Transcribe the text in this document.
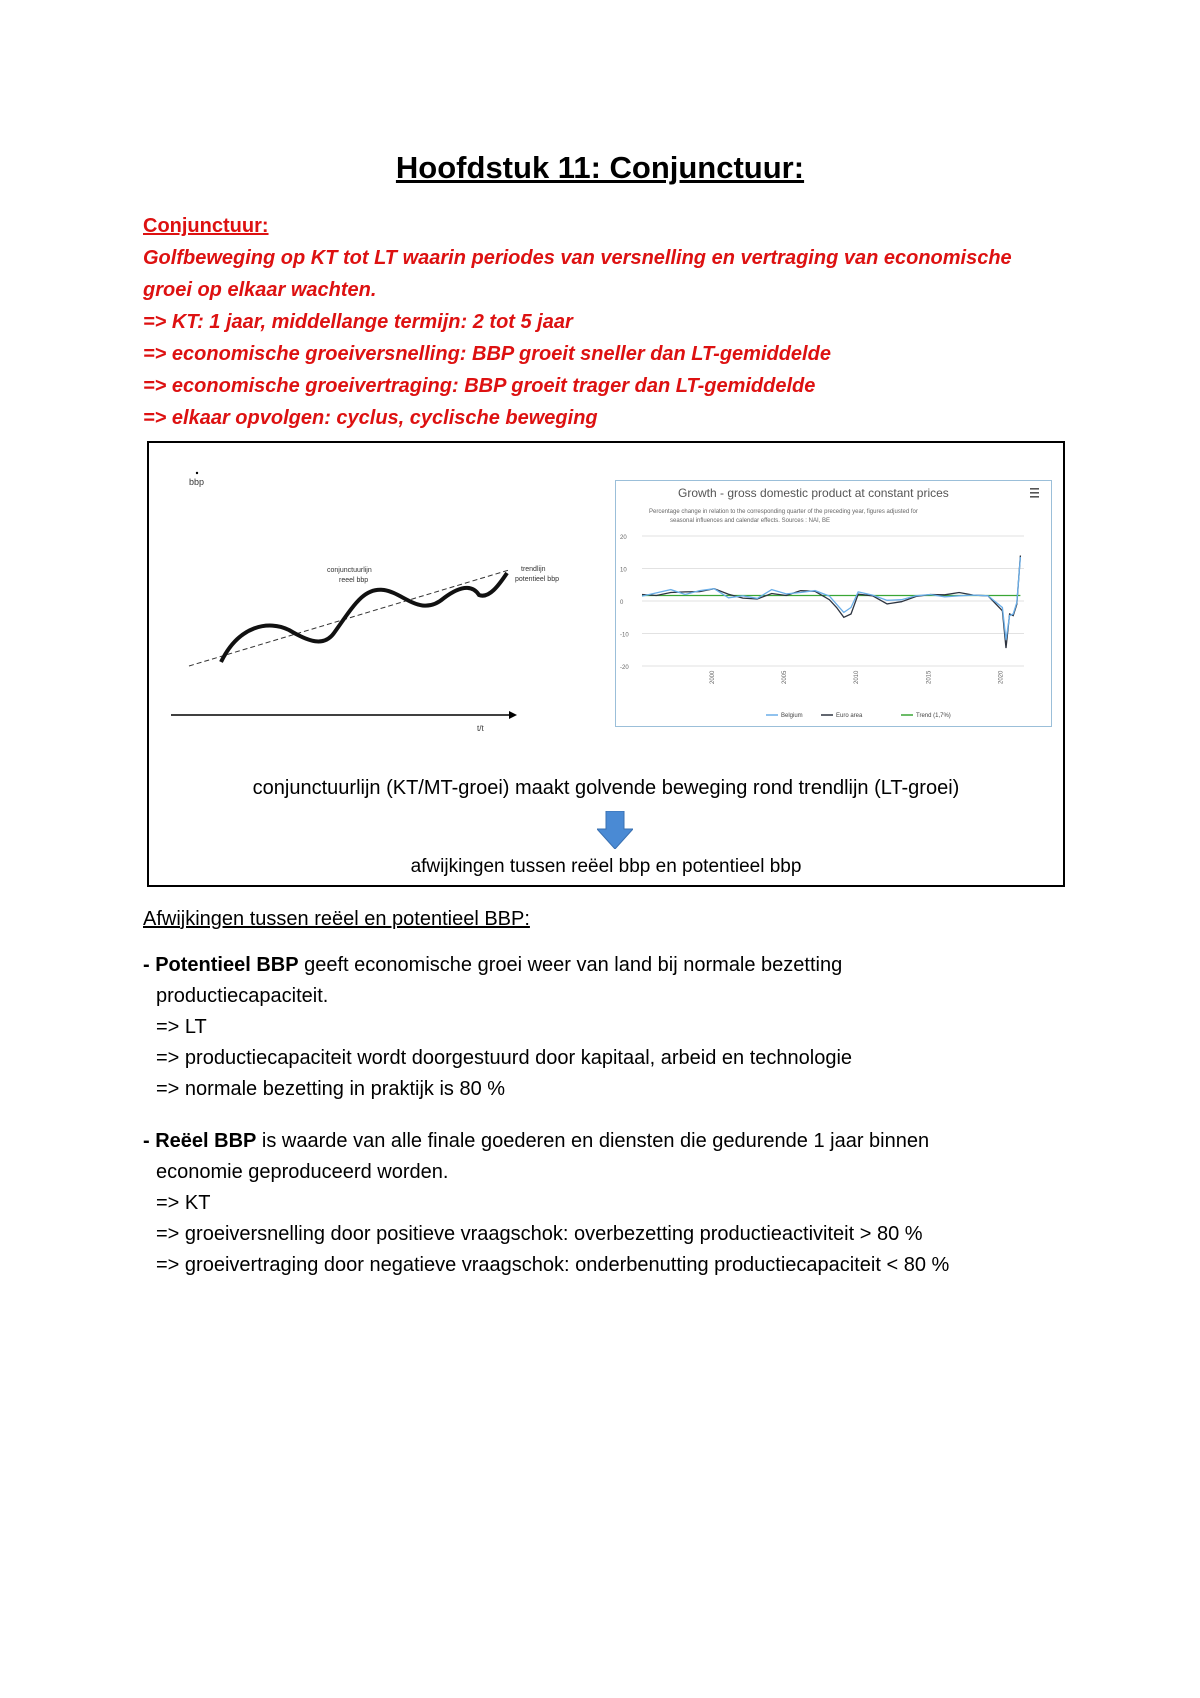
Hoofdstuk 11: Conjunctuur:
Conjunctuur:
Golfbeweging op KT tot LT waarin periodes van versnelling en vertraging van economische
groei op elkaar wachten.
=> KT: 1 jaar, middellange termijn: 2 tot 5 jaar
=> economische groeiversnelling: BBP groeit sneller dan LT-gemiddelde
=> economische groeivertraging: BBP groeit trager dan LT-gemiddelde
=> elkaar opvolgen: cyclus, cyclische beweging
bbp
t/t
conjunctuurlijn
reeel bbp
trendlijn
potentieel bbp
Growth - gross domestic product at constant prices
Percentage change in relation to the corresponding quarter of the preceding year, figures adjusted for
seasonal influences and calendar effects. Sources : NAI, BE
20
10
0
-10
-20
2000	2005	2010	2015	2020
Belgium	Euro area	Trend (1,7%)
conjunctuurlijn (KT/MT-groei) maakt golvende beweging rond trendlijn (LT-groei)
afwijkingen tussen reëel bbp en potentieel bbp
Afwijkingen tussen reëel en potentieel BBP:
- Potentieel BBP geeft economische groei weer van land bij normale bezetting
productiecapaciteit.
=> LT
=> productiecapaciteit wordt doorgestuurd door kapitaal, arbeid en technologie
=> normale bezetting in praktijk is 80 %
- Reëel BBP is waarde van alle finale goederen en diensten die gedurende 1 jaar binnen
economie geproduceerd worden.
=> KT
=> groeiversnelling door positieve vraagschok: overbezetting productieactiviteit > 80 %
=> groeivertraging door negatieve vraagschok: onderbenutting productiecapaciteit < 80 %
